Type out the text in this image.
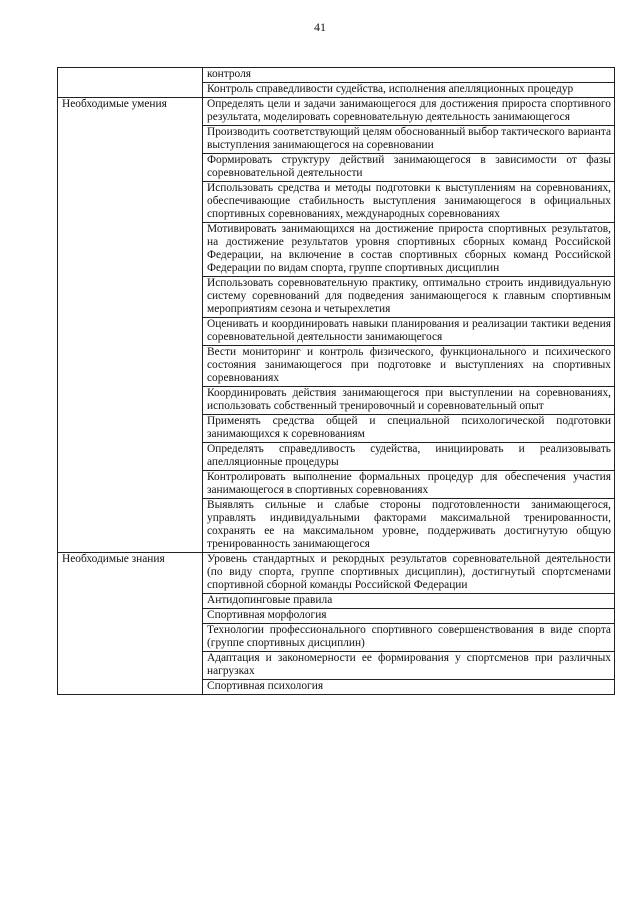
41
	контроля
	Контроль справедливости судейства, исполнения апелляционных процедур
Необходимые умения	Определять цели и задачи занимающегося для достижения прироста спортивного результата, моделировать соревновательную деятельность занимающегося
	Производить соответствующий целям обоснованный выбор тактического варианта выступления занимающегося на соревновании
	Формировать структуру действий занимающегося в зависимости от фазы соревновательной деятельности
	Использовать средства и методы подготовки к выступлениям на соревнованиях, обеспечивающие стабильность выступления занимающегося в официальных спортивных соревнованиях, международных соревнованиях
	Мотивировать занимающихся на достижение прироста спортивных результатов, на достижение результатов уровня спортивных сборных команд Российской Федерации, на включение в состав спортивных сборных команд Российской Федерации по видам спорта, группе спортивных дисциплин
	Использовать соревновательную практику, оптимально строить индивидуальную систему соревнований для подведения занимающегося к главным спортивным мероприятиям сезона и четырехлетия
	Оценивать и координировать навыки планирования и реализации тактики ведения соревновательной деятельности занимающегося
	Вести мониторинг и контроль физического, функционального и психического состояния занимающегося при подготовке и выступлениях на спортивных соревнованиях
	Координировать действия занимающегося при выступлении на соревнованиях, использовать собственный тренировочный и соревновательный опыт
	Применять средства общей и специальной психологической подготовки занимающихся к соревнованиям
	Определять справедливость судейства, инициировать и реализовывать апелляционные процедуры
	Контролировать выполнение формальных процедур для обеспечения участия занимающегося в спортивных соревнованиях
	Выявлять сильные и слабые стороны подготовленности занимающегося, управлять индивидуальными факторами максимальной тренированности, сохранять ее на максимальном уровне, поддерживать достигнутую общую тренированность занимающегося
Необходимые знания	Уровень стандартных и рекордных результатов соревновательной деятельности (по виду спорта, группе спортивных дисциплин), достигнутый спортсменами спортивной сборной команды Российской Федерации
	Антидопинговые правила
	Спортивная морфология
	Технологии профессионального спортивного совершенствования в виде спорта (группе спортивных дисциплин)
	Адаптация и закономерности ее формирования у спортсменов при различных нагрузках
	Спортивная психология
